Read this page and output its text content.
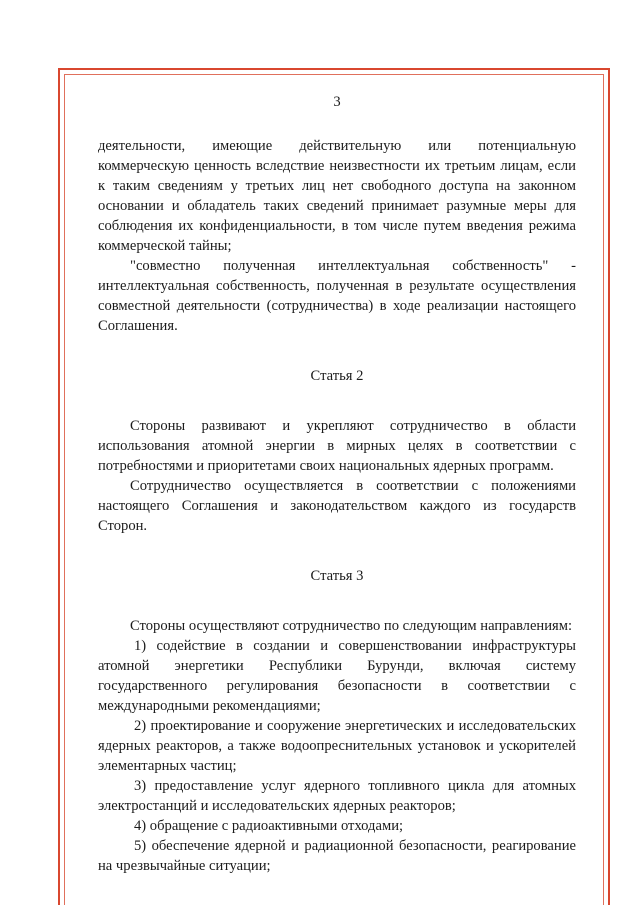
3

деятельности, имеющие действительную или потенциальную коммерческую ценность вследствие неизвестности их третьим лицам, если к таким сведениям у третьих лиц нет свободного доступа на законном основании и обладатель таких сведений принимает разумные меры для соблюдения их конфиденциальности, в том числе путем введения режима коммерческой тайны;

"совместно полученная интеллектуальная собственность" - интеллектуальная собственность, полученная в результате осуществления совместной деятельности (сотрудничества) в ходе реализации настоящего Соглашения.

Статья 2

Стороны развивают и укрепляют сотрудничество в области использования атомной энергии в мирных целях в соответствии с потребностями и приоритетами своих национальных ядерных программ.

Сотрудничество осуществляется в соответствии с положениями настоящего Соглашения и законодательством каждого из государств Сторон.

Статья 3

Стороны осуществляют сотрудничество по следующим направлениям:

1) содействие в создании и совершенствовании инфраструктуры атомной энергетики Республики Бурунди, включая систему государственного регулирования безопасности в соответствии с международными рекомендациями;

2) проектирование и сооружение энергетических и исследовательских ядерных реакторов, а также водоопреснительных установок и ускорителей элементарных частиц;

3) предоставление услуг ядерного топливного цикла для атомных электростанций и исследовательских ядерных реакторов;

4) обращение с радиоактивными отходами;

5) обеспечение ядерной и радиационной безопасности, реагирование на чрезвычайные ситуации;
